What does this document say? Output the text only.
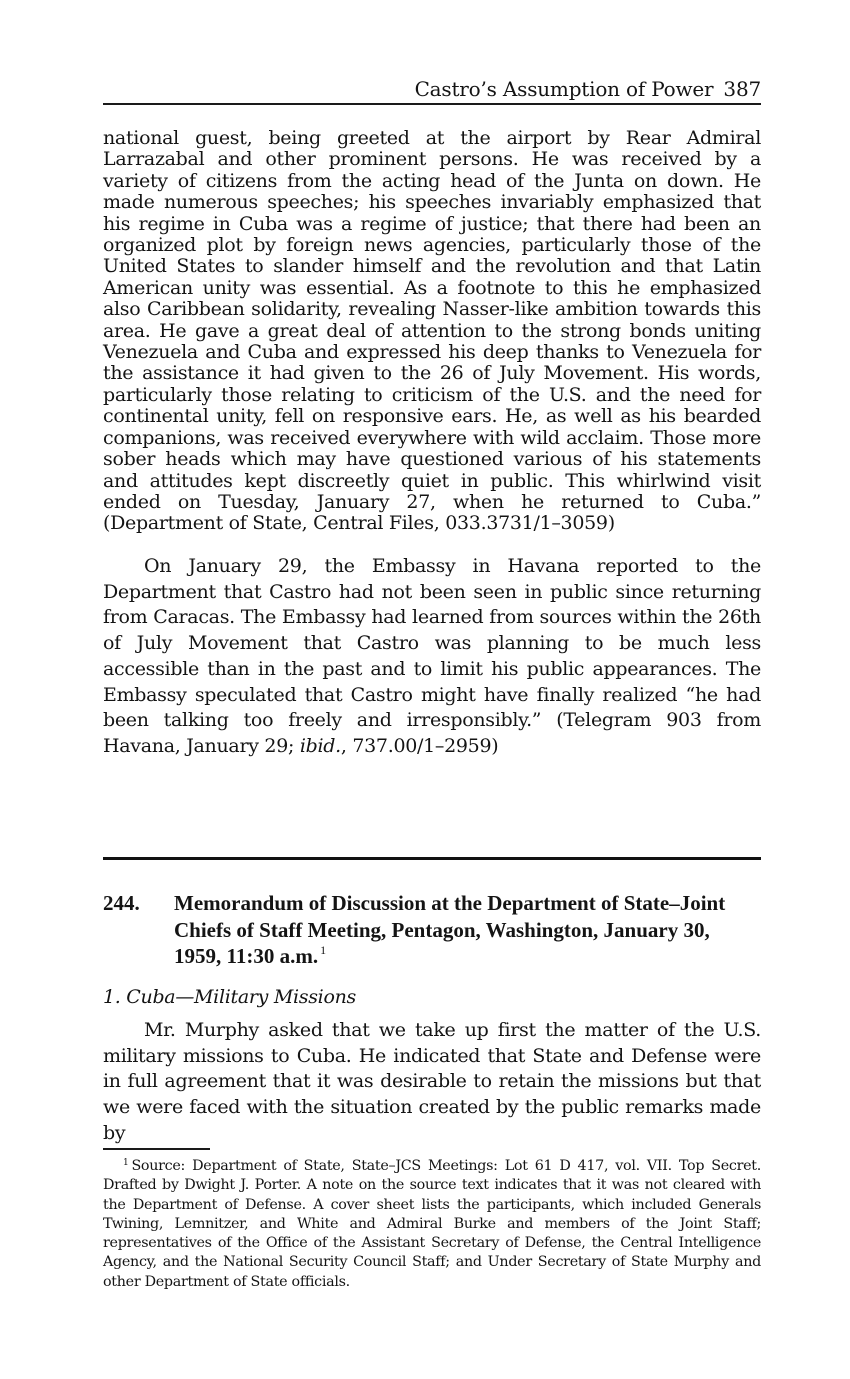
Castro’s Assumption of Power 387

national guest, being greeted at the airport by Rear Admiral Larrazabal and other prominent persons. He was received by a variety of citizens from the acting head of the Junta on down. He made numerous speeches; his speeches invariably emphasized that his regime in Cuba was a regime of justice; that there had been an organized plot by foreign news agencies, particularly those of the United States to slander himself and the revolution and that Latin American unity was essential. As a footnote to this he emphasized also Caribbean solidarity, revealing Nasser-like ambition towards this area. He gave a great deal of attention to the strong bonds uniting Venezuela and Cuba and expressed his deep thanks to Venezuela for the assistance it had given to the 26 of July Movement. His words, particularly those relating to criticism of the U.S. and the need for continental unity, fell on responsive ears. He, as well as his bearded companions, was received everywhere with wild acclaim. Those more sober heads which may have questioned various of his statements and attitudes kept discreetly quiet in public. This whirlwind visit ended on Tuesday, January 27, when he returned to Cuba.” (Department of State, Central Files, 033.3731/1–3059)

On January 29, the Embassy in Havana reported to the Department that Castro had not been seen in public since returning from Caracas. The Embassy had learned from sources within the 26th of July Movement that Castro was planning to be much less accessible than in the past and to limit his public appearances. The Embassy speculated that Castro might have finally realized “he had been talking too freely and irresponsibly.” (Telegram 903 from Havana, January 29; ibid., 737.00/1–2959)

244. Memorandum of Discussion at the Department of State–Joint Chiefs of Staff Meeting, Pentagon, Washington, January 30, 1959, 11:30 a.m. $^1$
1. Cuba—Military Missions

Mr. Murphy asked that we take up first the matter of the U.S. military missions to Cuba. He indicated that State and Defense were in full agreement that it was desirable to retain the missions but that we were faced with the situation created by the public remarks made by

$^1$ Source: Department of State, State–JCS Meetings: Lot 61 D 417, vol. VII. Top Secret. Drafted by Dwight J. Porter. A note on the source text indicates that it was not cleared with the Department of Defense. A cover sheet lists the participants, which included Generals Twining, Lemnitzer, and White and Admiral Burke and members of the Joint Staff; representatives of the Office of the Assistant Secretary of Defense, the Central Intelligence Agency, and the National Security Council Staff; and Under Secretary of State Murphy and other Department of State officials.
